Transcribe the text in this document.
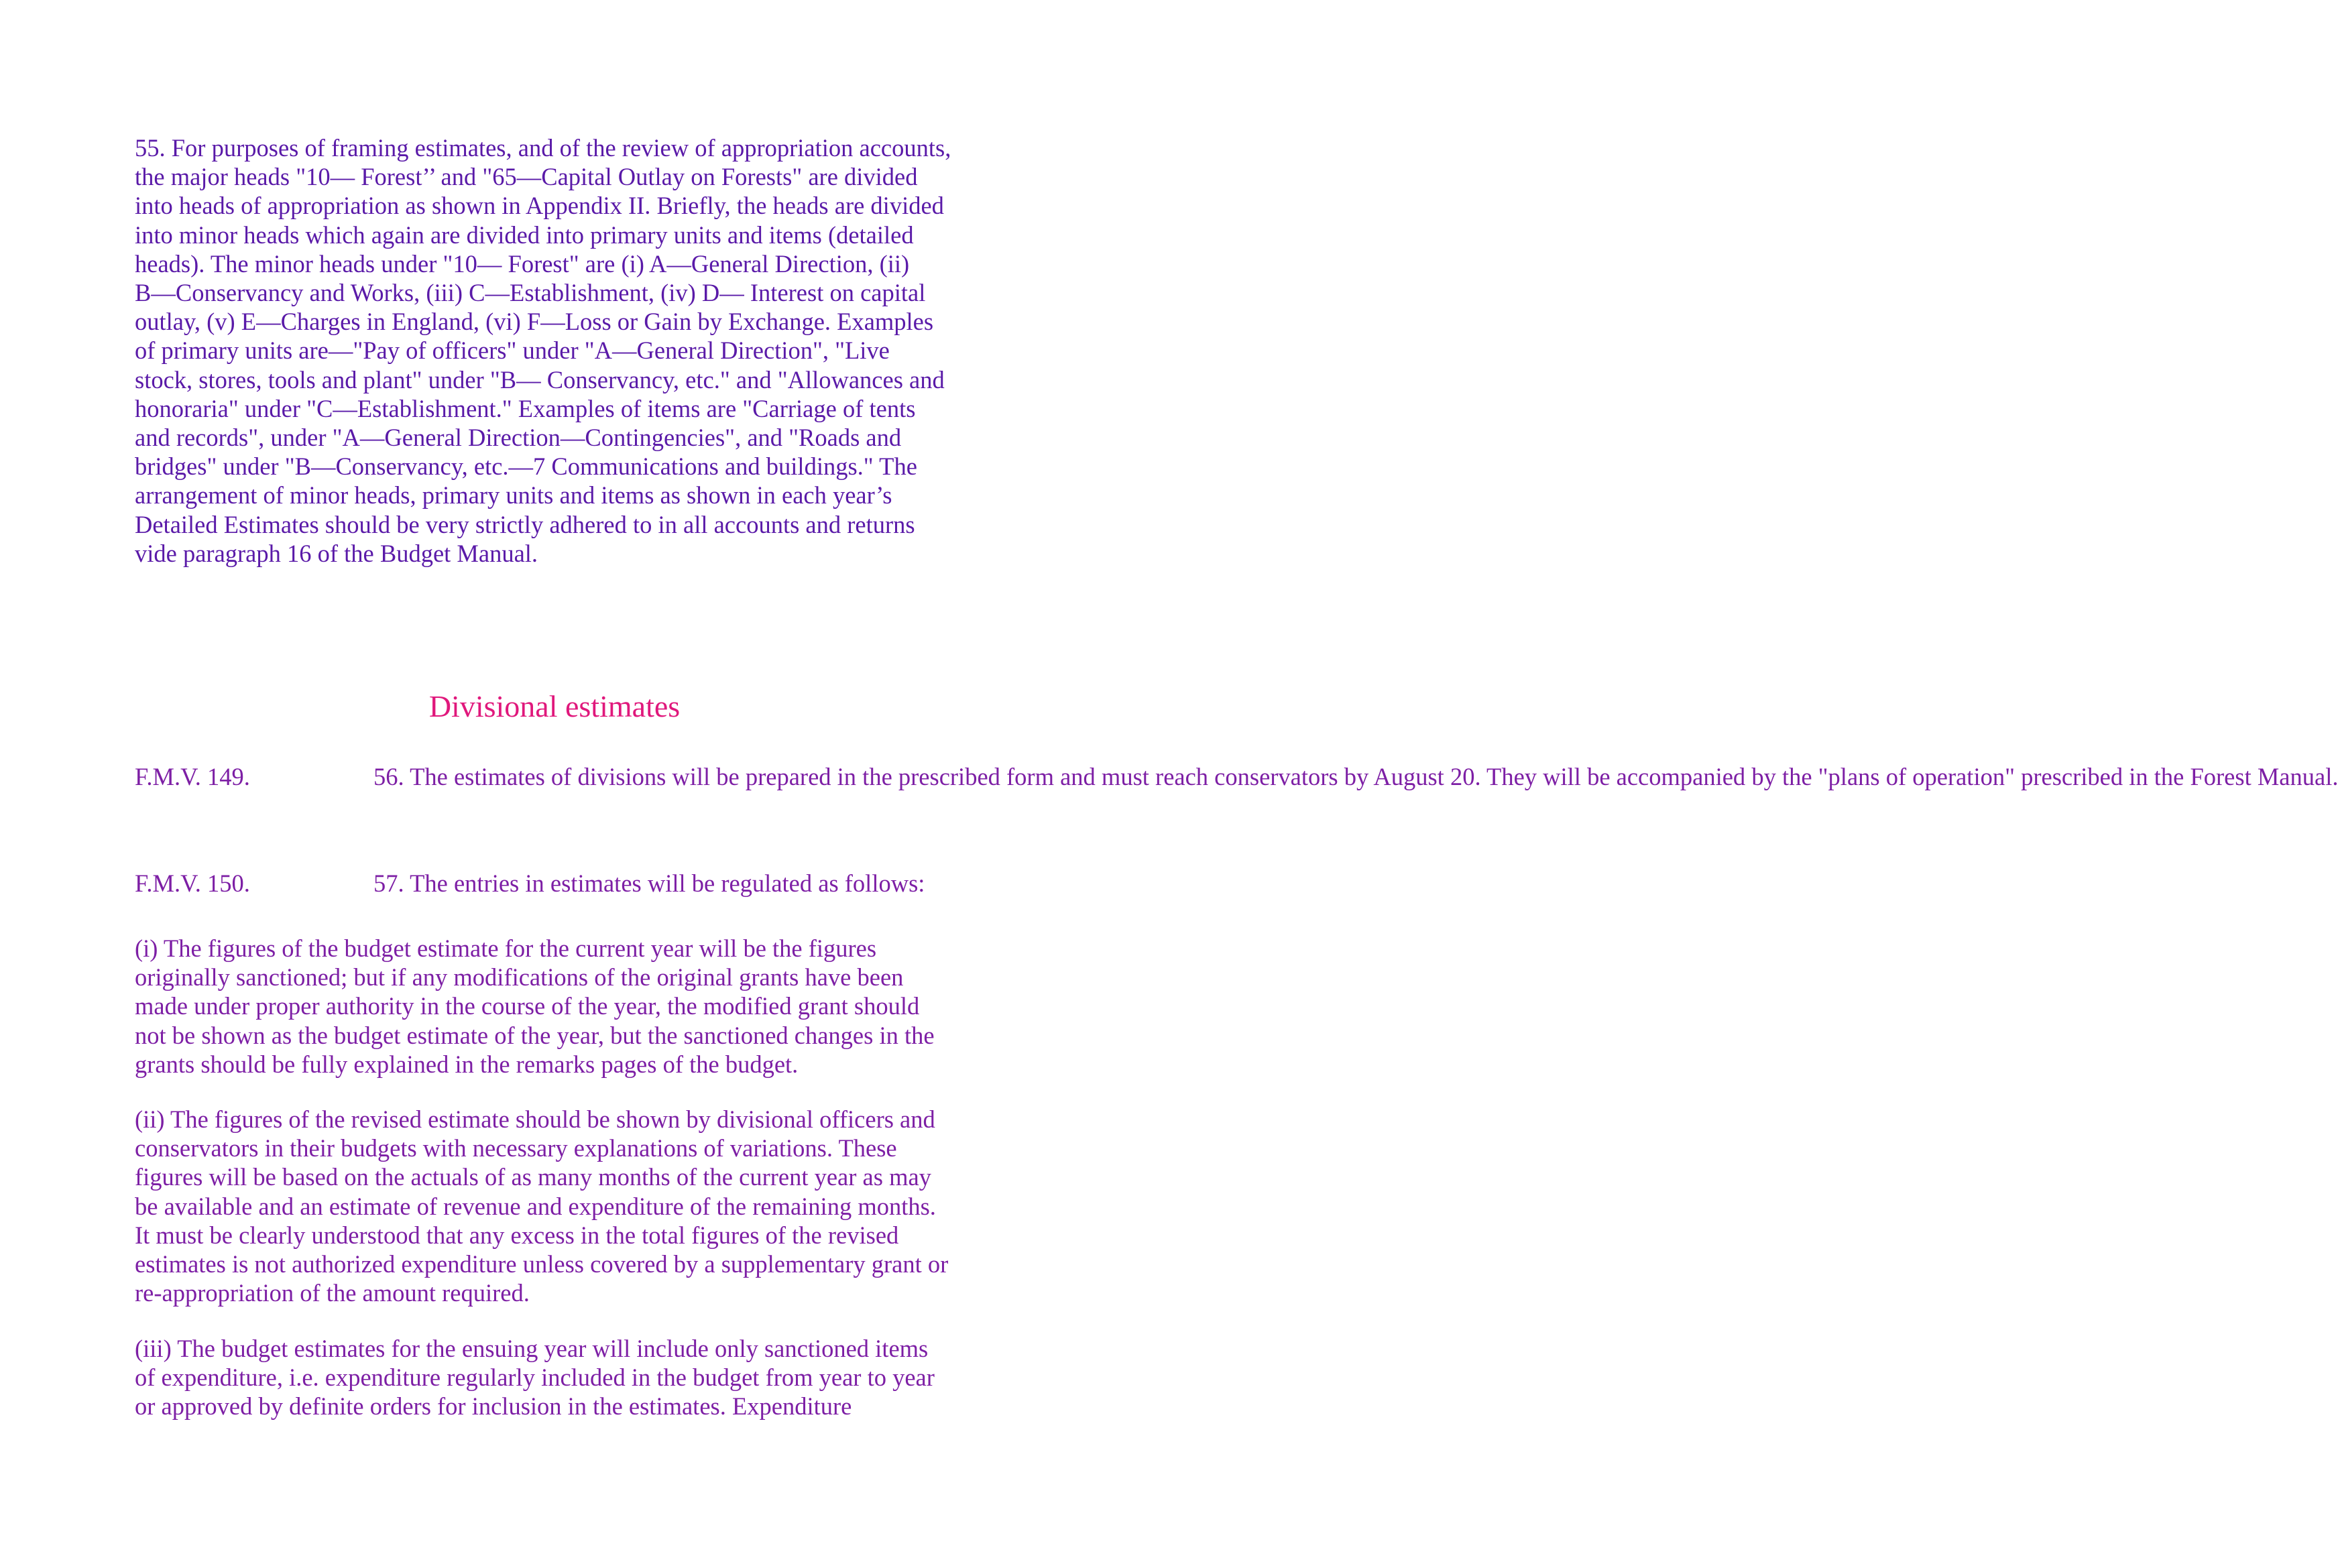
55. For purposes of framing estimates, and of the review of appropriation accounts,
the major heads "10— Forest’’ and "65—Capital Outlay on Forests" are divided
into heads of appropriation as shown in Appendix II. Briefly, the heads are divided
into minor heads which again are divided into primary units and items (detailed
heads). The minor heads under "10— Forest" are (i) A—General Direction, (ii)
B—Conservancy and Works, (iii) C—Establishment, (iv) D— Interest on capital
outlay, (v) E—Charges in England, (vi) F—Loss or Gain by Exchange. Examples
of primary units are—"Pay of officers" under "A—General Direction", "Live
stock, stores, tools and plant" under "B— Conservancy, etc." and "Allowances and
honoraria" under "C—Establishment." Examples of items are "Carriage of tents
and records", under "A—General Direction—Contingencies", and "Roads and
bridges" under "B—Conservancy, etc.—7 Communications and buildings." The
arrangement of minor heads, primary units and items as shown in each year’s
Detailed Estimates should be very strictly adhered to in all accounts and returns
vide paragraph 16 of the Budget Manual.

Divisional estimates
F.M.V. 149.	56. The estimates of divisions will be prepared in the prescribed form and must reach conservators by August 20. They will be accompanied by the "plans of operation" prescribed in the Forest Manual.

F.M.V. 150.	57. The entries in estimates will be regulated as follows:

(i) The figures of the budget estimate for the current year will be the figures
originally sanctioned; but if any modifications of the original grants have been
made under proper authority in the course of the year, the modified grant should
not be shown as the budget estimate of the year, but the sanctioned changes in the
grants should be fully explained in the remarks pages of the budget.

(ii) The figures of the revised estimate should be shown by divisional officers and
conservators in their budgets with necessary explanations of variations. These
figures will be based on the actuals of as many months of the current year as may
be available and an estimate of revenue and expenditure of the remaining months.
It must be clearly understood that any excess in the total figures of the revised
estimates is not authorized expenditure unless covered by a supplementary grant or
re-appropriation of the amount required.

(iii) The budget estimates for the ensuing year will include only sanctioned items
of expenditure, i.e. expenditure regularly included in the budget from year to year
or approved by definite orders for inclusion in the estimates. Expenditure
